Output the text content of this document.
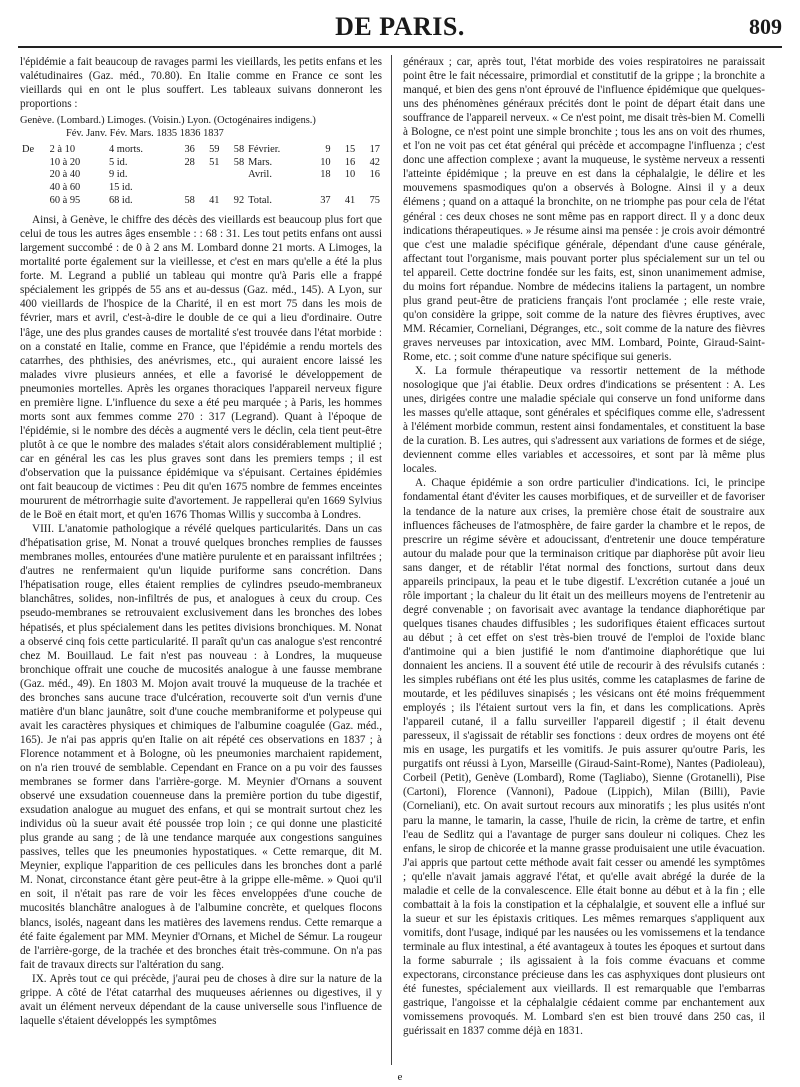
DE PARIS.	809

l'épidémie a fait beaucoup de ravages parmi les vieillards, les petits enfans et les valétudinaires (Gaz. méd., 70.80). En Italie comme en France ce sont les vieillards qui en ont le plus souffert. Les tableaux suivans donneront les proportions :

Genève. (Lombard.) Limoges. (Voisin.) Lyon. (Octogénaires indigens.)
Fév. Janv. Fév. Mars. 1835 1836 1837
De	2 à 10	4 morts.	36	59	58	Février.	9	15	17
	10 à 20	5 id.	28	51	58	Mars.	10	16	42
	20 à 40	9 id.				Avril.	18	10	16
	40 à 60	15 id.							
	60 à 95	68 id.	58	41	92	Total.	37	41	75

Ainsi, à Genève, le chiffre des décès des vieillards est beaucoup plus fort que celui de tous les autres âges ensemble : : 68 : 31. Les tout petits enfans ont aussi largement succombé : de 0 à 2 ans M. Lombard donne 21 morts. A Limoges, la mortalité porte également sur la vieillesse, et c'est en mars qu'elle a été la plus forte. M. Legrand a publié un tableau qui montre qu'à Paris elle a frappé spécialement les grippés de 55 ans et au-dessus (Gaz. méd., 145). A Lyon, sur 400 vieillards de l'hospice de la Charité, il en est mort 75 dans les mois de février, mars et avril, c'est-à-dire le double de ce qui a lieu d'ordinaire. Outre l'âge, une des plus grandes causes de mortalité s'est trouvée dans l'état morbide : on a constaté en Italie, comme en France, que l'épidémie a rendu mortels des catarrhes, des phthisies, des anévrismes, etc., qui auraient encore laissé les malades vivre plusieurs années, et elle a favorisé le développement de pneumonies mortelles. Après les organes thoraciques l'appareil nerveux figure en première ligne. L'influence du sexe a été peu marquée ; à Paris, les hommes morts sont aux femmes comme 270 : 317 (Legrand). Quant à l'époque de l'épidémie, si le nombre des décès a augmenté vers le déclin, cela tient peut-être plutôt à ce que le nombre des malades s'était alors considérablement multiplié ; car en général les cas les plus graves sont dans les premiers temps ; il est d'observation que la puissance épidémique va s'épuisant. Certaines épidémies ont fait beaucoup de victimes : Peu dit qu'en 1675 nombre de femmes enceintes moururent de métrorrhagie suite d'avortement. Je rappellerai qu'en 1669 Sylvius de le Boë en était mort, et qu'en 1676 Thomas Willis y succomba à Londres.

VIII. L'anatomie pathologique a révélé quelques particularités. Dans un cas d'hépatisation grise, M. Nonat a trouvé quelques bronches remplies de fausses membranes molles, entourées d'une matière purulente et en paraissant infiltrées ; d'autres ne renfermaient qu'un liquide puriforme sans concrétion. Dans l'hépatisation rouge, elles étaient remplies de cylindres pseudo-membraneux blanchâtres, solides, non-infiltrés de pus, et analogues à ceux du croup. Ces pseudo-membranes se retrouvaient exclusivement dans les bronches des lobes hépatisés, et plus spécialement dans les petites divisions bronchiques. M. Nonat a observé cinq fois cette particularité. Il paraît qu'un cas analogue s'est rencontré chez M. Bouillaud. Le fait n'est pas nouveau : à Londres, la muqueuse bronchique offrait une couche de mucosités analogue à une fausse membrane (Gaz. méd., 49). En 1803 M. Mojon avait trouvé la muqueuse de la trachée et des bronches sans aucune trace d'ulcération, recouverte soit d'un vernis d'une matière d'un blanc jaunâtre, soit d'une couche membraniforme et polypeuse qui avait les caractères physiques et chimiques de l'albumine coagulée (Gaz. méd., 165). Je n'ai pas appris qu'en Italie on ait répété ces observations en 1837 ; à Florence notamment et à Bologne, où les pneumonies marchaient rapidement, on n'a rien trouvé de semblable. Cependant en France on a pu voir des fausses membranes se former dans l'arrière-gorge. M. Meynier d'Ornans a souvent observé une exsudation couenneuse dans la première portion du tube digestif, exsudation analogue au muguet des enfans, et qui se montrait surtout chez les individus où la sueur avait été poussée trop loin ; ce qui donne une plasticité plus grande au sang ; de là une tendance marquée aux congestions sanguines passives, telles que les pneumonies hypostatiques. « Cette remarque, dit M. Meynier, explique l'apparition de ces pellicules dans les bronches dont a parlé M. Nonat, circonstance étant gère peut-être à la grippe elle-même. » Quoi qu'il en soit, il n'était pas rare de voir les fèces enveloppées d'une couche de mucosités blanchâtre analogues à de l'albumine concrète, et quelques flocons blancs, isolés, nageant dans les matières des lavemens rendus. Cette remarque a été faite également par MM. Meynier d'Ornans, et Michel de Sémur. La rougeur de l'arrière-gorge, de la trachée et des bronches était très-commune. On n'a pas fait de travaux directs sur l'altération du sang.

IX. Après tout ce qui précède, j'aurai peu de choses à dire sur la nature de la grippe. A côté de l'état catarrhal des muqueuses aériennes ou digestives, il y avait un élément nerveux dépendant de la cause universelle sous l'influence de laquelle s'étaient développés les symptômes

généraux ; car, après tout, l'état morbide des voies respiratoires ne paraissait point être le fait nécessaire, primordial et constitutif de la grippe ; la bronchite a manqué, et bien des gens n'ont éprouvé de l'influence épidémique que quelques-uns des phénomènes généraux précités dont le point de départ était dans une souffrance de l'appareil nerveux. « Ce n'est point, me disait très-bien M. Comelli à Bologne, ce n'est point une simple bronchite ; tous les ans on voit des rhumes, et l'on ne voit pas cet état général qui précède et accompagne l'influenza ; c'est donc une affection complexe ; avant la muqueuse, le système nerveux a ressenti l'atteinte épidémique ; la preuve en est dans la céphalalgie, le délire et les mouvemens spasmodiques qu'on a observés à Bologne. Ainsi il y a deux élémens ; quand on a attaqué la bronchite, on ne triomphe pas pour cela de l'état général : ces deux choses ne sont même pas en rapport direct. Il y a donc deux indications thérapeutiques. » Je résume ainsi ma pensée : je crois avoir démontré que c'est une maladie spécifique générale, dépendant d'une cause générale, affectant tout l'organisme, mais pouvant porter plus spécialement sur un tel ou tel appareil. Cette doctrine fondée sur les faits, est, sinon unanimement admise, du moins fort répandue. Nombre de médecins italiens la partagent, un nombre plus grand peut-être de praticiens français l'ont proclamée ; elle reste vraie, qu'on considère la grippe, soit comme de la nature des fièvres éruptives, avec MM. Récamier, Corneliani, Dégranges, etc., soit comme de la nature des fièvres graves nerveuses par intoxication, avec MM. Lombard, Pointe, Giraud-Saint-Rome, etc. ; soit comme d'une nature spécifique sui generis.

X. La formule thérapeutique va ressortir nettement de la méthode nosologique que j'ai établie. Deux ordres d'indications se présentent : A. Les unes, dirigées contre une maladie spéciale qui conserve un fond uniforme dans les masses qu'elle attaque, sont générales et spécifiques comme elle, s'adressent à l'élément morbide commun, restent ainsi fondamentales, et constituent la base de la curation. B. Les autres, qui s'adressent aux variations de formes et de siége, deviennent comme elles variables et accessoires, et sont par là même plus locales.

A. Chaque épidémie a son ordre particulier d'indications. Ici, le principe fondamental étant d'éviter les causes morbifiques, et de surveiller et de favoriser la tendance de la nature aux crises, la première chose était de soustraire aux influences fâcheuses de l'atmosphère, de faire garder la chambre et le repos, de prescrire un régime sévère et adoucissant, d'entretenir une douce température autour du malade pour que la terminaison critique par diaphorèse pût avoir lieu sans danger, et de rétablir l'état normal des fonctions, surtout dans deux appareils principaux, la peau et le tube digestif. L'excrétion cutanée a joué un rôle important ; la chaleur du lit était un des meilleurs moyens de l'entretenir au degré convenable ; on favorisait avec avantage la tendance diaphorétique par quelques tisanes chaudes diffusibles ; les sudorifiques étaient efficaces surtout au début ; à cet effet on s'est très-bien trouvé de l'emploi de l'oxide blanc d'antimoine qui a bien justifié le nom d'antimoine diaphorétique que lui donnaient les anciens. Il a souvent été utile de recourir à des révulsifs cutanés : les simples rubéfians ont été les plus usités, comme les cataplasmes de farine de moutarde, et les pédiluves sinapisés ; les vésicans ont été moins fréquemment employés ; ils l'étaient surtout vers la fin, et dans les complications. Après l'appareil cutané, il a fallu surveiller l'appareil digestif ; il était devenu paresseux, il s'agissait de rétablir ses fonctions : deux ordres de moyens ont été mis en usage, les purgatifs et les vomitifs. Je puis assurer qu'outre Paris, les purgatifs ont réussi à Lyon, Marseille (Giraud-Saint-Rome), Nantes (Padioleau), Corbeil (Petit), Genève (Lombard), Rome (Tagliabo), Sienne (Grotanelli), Pise (Cartoni), Florence (Vannoni), Padoue (Lippich), Milan (Billi), Pavie (Corneliani), etc. On avait surtout recours aux minoratifs ; les plus usités n'ont paru la manne, le tamarin, la casse, l'huile de ricin, la crème de tartre, et enfin l'eau de Sedlitz qui a l'avantage de purger sans douleur ni coliques. Chez les enfans, le sirop de chicorée et la manne grasse produisaient une utile évacuation. J'ai appris que partout cette méthode avait fait cesser ou amendé les symptômes ; qu'elle n'avait jamais aggravé l'état, et qu'elle avait abrégé la durée de la maladie et celle de la convalescence. Elle était bonne au début et à la fin ; elle combattait à la fois la constipation et la céphalalgie, et souvent elle a influé sur la sueur et sur les épistaxis critiques. Les mêmes remarques s'appliquent aux vomitifs, dont l'usage, indiqué par les nausées ou les vomissemens et la tendance terminale au flux intestinal, a été avantageux à toutes les époques et surtout dans la forme saburrale ; ils agissaient à la fois comme évacuans et comme expectorans, circonstance précieuse dans les cas asphyxiques dont plusieurs ont été funestes, spécialement aux vieillards. Il est remarquable que l'embarras gastrique, l'angoisse et la céphalalgie cédaient comme par enchantement aux vomissemens provoqués. M. Lombard s'en est bien trouvé dans 250 cas, il guérissait en 1837 comme déjà en 1831.

e
